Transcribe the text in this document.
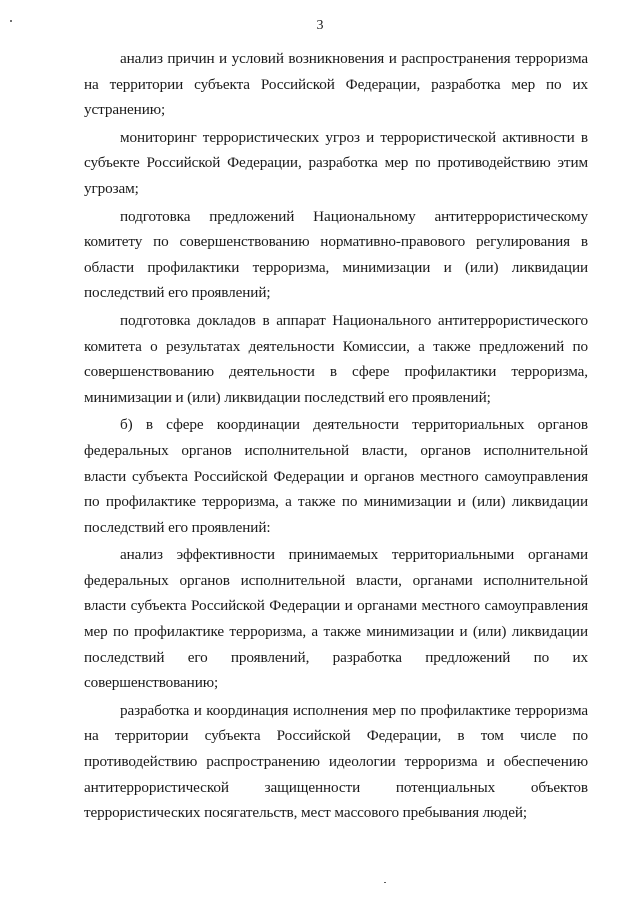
3

анализ причин и условий возникновения и распространения терроризма на территории субъекта Российской Федерации, разработка мер по их устранению;

мониторинг террористических угроз и террористической активности в субъекте Российской Федерации, разработка мер по противодействию этим угрозам;

подготовка предложений Национальному антитеррористическому комитету по совершенствованию нормативно-правового регулирования в области профилактики терроризма, минимизации и (или) ликвидации последствий его проявлений;

подготовка докладов в аппарат Национального антитеррористического комитета о результатах деятельности Комиссии, а также предложений по совершенствованию деятельности в сфере профилактики терроризма, минимизации и (или) ликвидации последствий его проявлений;

б) в сфере координации деятельности территориальных органов федеральных органов исполнительной власти, органов исполнительной власти субъекта Российской Федерации и органов местного самоуправления по профилактике терроризма, а также по минимизации и (или) ликвидации последствий его проявлений:

анализ эффективности принимаемых территориальными органами федеральных органов исполнительной власти, органами исполнительной власти субъекта Российской Федерации и органами местного самоуправления мер по профилактике терроризма, а также минимизации и (или) ликвидации последствий его проявлений, разработка предложений по их совершенствованию;

разработка и координация исполнения мер по профилактике терроризма на территории субъекта Российской Федерации, в том числе по противодействию распространению идеологии терроризма и обеспечению антитеррористической защищенности потенциальных объектов террористических посягательств, мест массового пребывания людей;
